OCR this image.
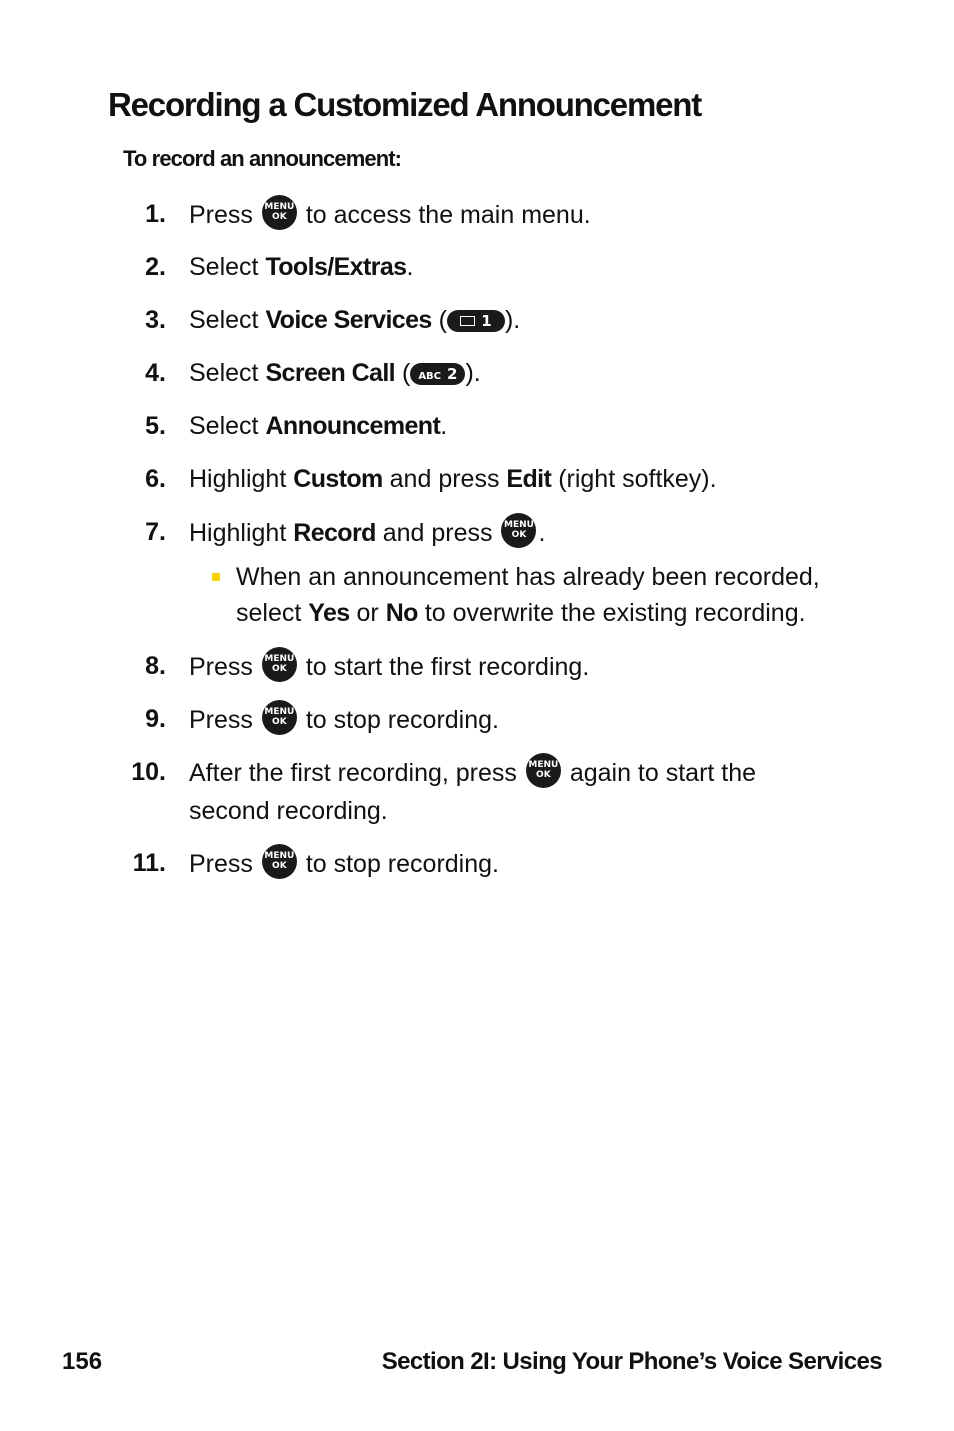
Recording a Customized Announcement
To record an announcement:
1. Press MENU
OK to access the main menu.
2. Select Tools/Extras.
3. Select Voice Services ( 1 ).
4. Select Screen Call ( ABC 2 ).
5. Select Announcement.
6. Highlight Custom and press Edit (right softkey).
7. Highlight Record and press MENU
OK .
When an announcement has already been recorded,
select Yes or No to overwrite the existing recording.
8. Press MENU
OK to start the first recording.
9. Press MENU
OK to stop recording.
10. After the first recording, press MENU
OK again to start the
second recording.
11. Press MENU
OK to stop recording.

156	Section 2I: Using Your Phone’s Voice Services
